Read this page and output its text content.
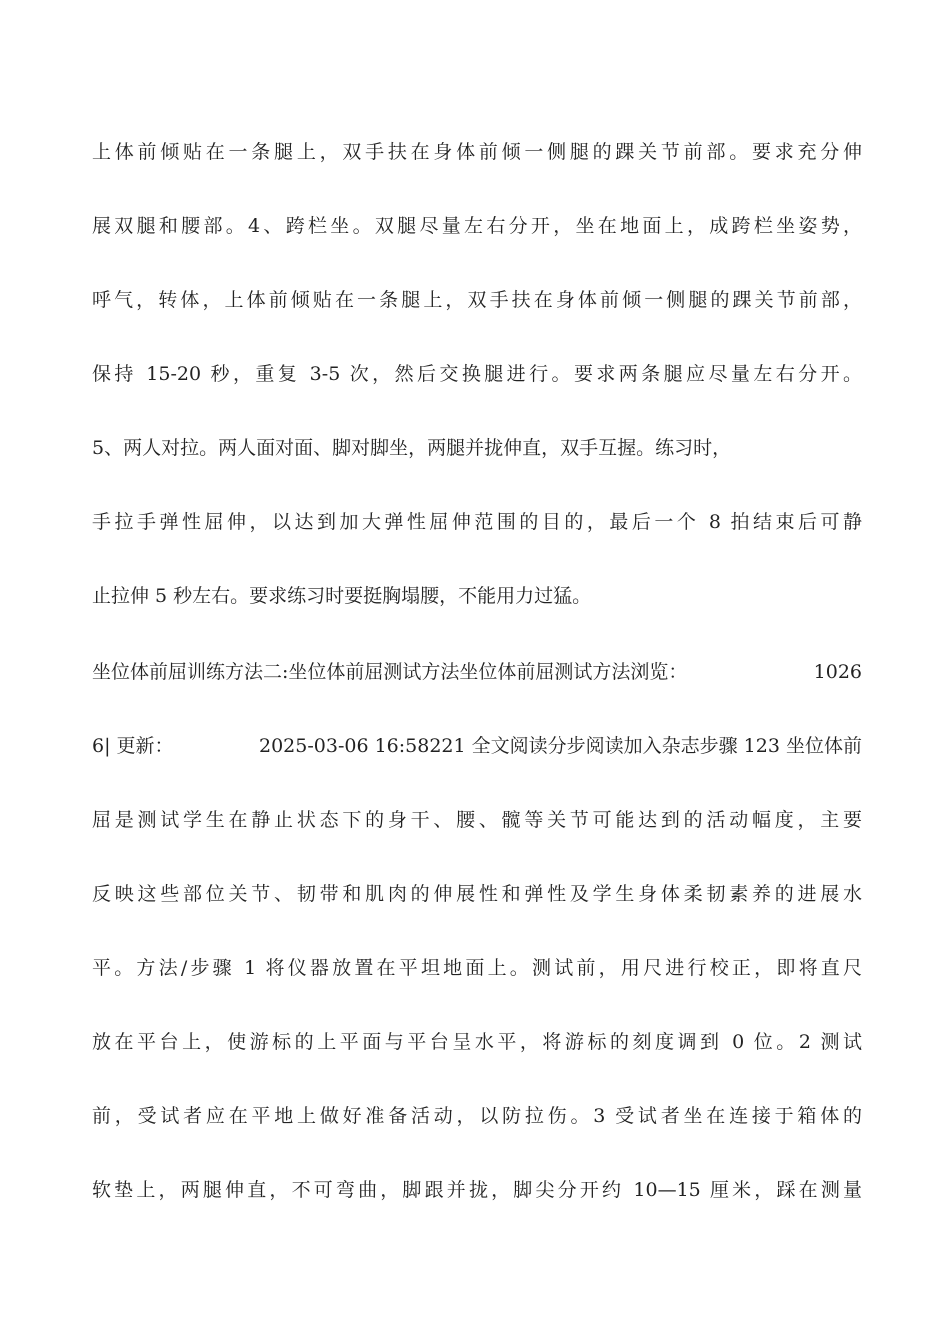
上体前倾贴在一条腿上，双手扶在身体前倾一侧腿的踝关节前部。要求充分伸
展双腿和腰部。4、跨栏坐。双腿尽量左右分开，坐在地面上，成跨栏坐姿势，
呼气，转体，上体前倾贴在一条腿上，双手扶在身体前倾一侧腿的踝关节前部，
保持 15-20 秒，重复 3-5 次，然后交换腿进行。要求两条腿应尽量左右分开。
5、两人对拉。两人面对面、脚对脚坐，两腿并拢伸直，双手互握。练习时，
手拉手弹性屈伸，以达到加大弹性屈伸范围的目的，最后一个 8 拍结束后可静
止拉伸 5 秒左右。要求练习时要挺胸塌腰，不能用力过猛。
坐位体前屈训练方法二:坐位体前屈测试方法坐位体前屈测试方法浏览：	1026
6| 更新：	2025-03-06 16:58221 全文阅读分步阅读加入杂志步骤 123 坐位体前
屈是测试学生在静止状态下的身干、腰、髋等关节可能达到的活动幅度，主要
反映这些部位关节、韧带和肌肉的伸展性和弹性及学生身体柔韧素养的进展水
平。方法/步骤 1 将仪器放置在平坦地面上。测试前，用尺进行校正，即将直尺
放在平台上，使游标的上平面与平台呈水平，将游标的刻度调到 0 位。2 测试
前，受试者应在平地上做好准备活动，以防拉伤。3 受试者坐在连接于箱体的
软垫上，两腿伸直，不可弯曲，脚跟并拢，脚尖分开约 10—15 厘米，踩在测量
